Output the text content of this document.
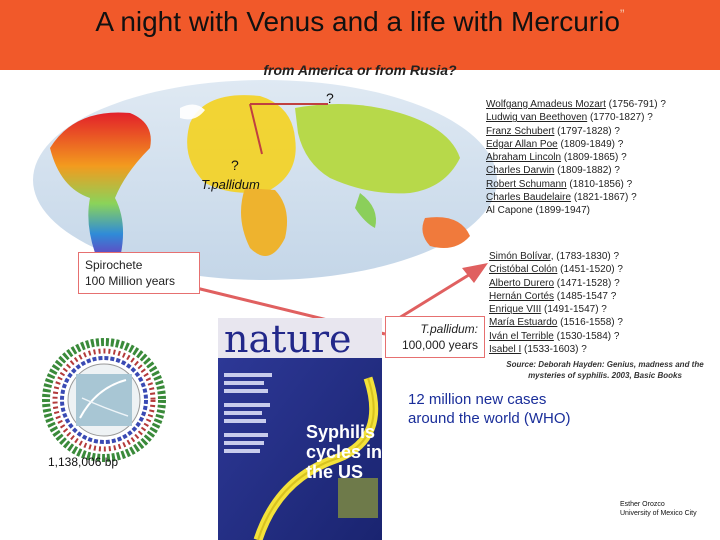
A night with Venus and a life with Mercurio”
from America or from Rusia?
?
?
T.pallidum
Spirochete
100 Million years
nature
Syphilis
cycles in
the US
T.pallidum:
100,000 years
Wolfgang Amadeus Mozart (1756-791) ?
Ludwig van Beethoven (1770-1827) ?
Franz Schubert (1797-1828) ?
Edgar Allan Poe (1809-1849) ?
Abraham Lincoln (1809-1865) ?
Charles Darwin (1809-1882) ?
Robert Schumann (1810-1856) ?
Charles Baudelaire (1821-1867) ?
Al Capone (1899-1947)
Simón Bolívar, (1783-1830) ?
Cristóbal Colón (1451-1520) ?
Alberto Durero (1471-1528) ?
Hernán Cortés (1485-1547 ?
Enrique VIII (1491-1547) ?
María Estuardo (1516-1558) ?
Iván el Terrible (1530-1584) ?
Isabel I (1533-1603) ?
Source: Deborah Hayden: Genius, madness and the mysteries of syphilis. 2003, Basic Books
12 million new cases
around the world (WHO)
1,138,006 bp
Esther Orozco
University of Mexico City
